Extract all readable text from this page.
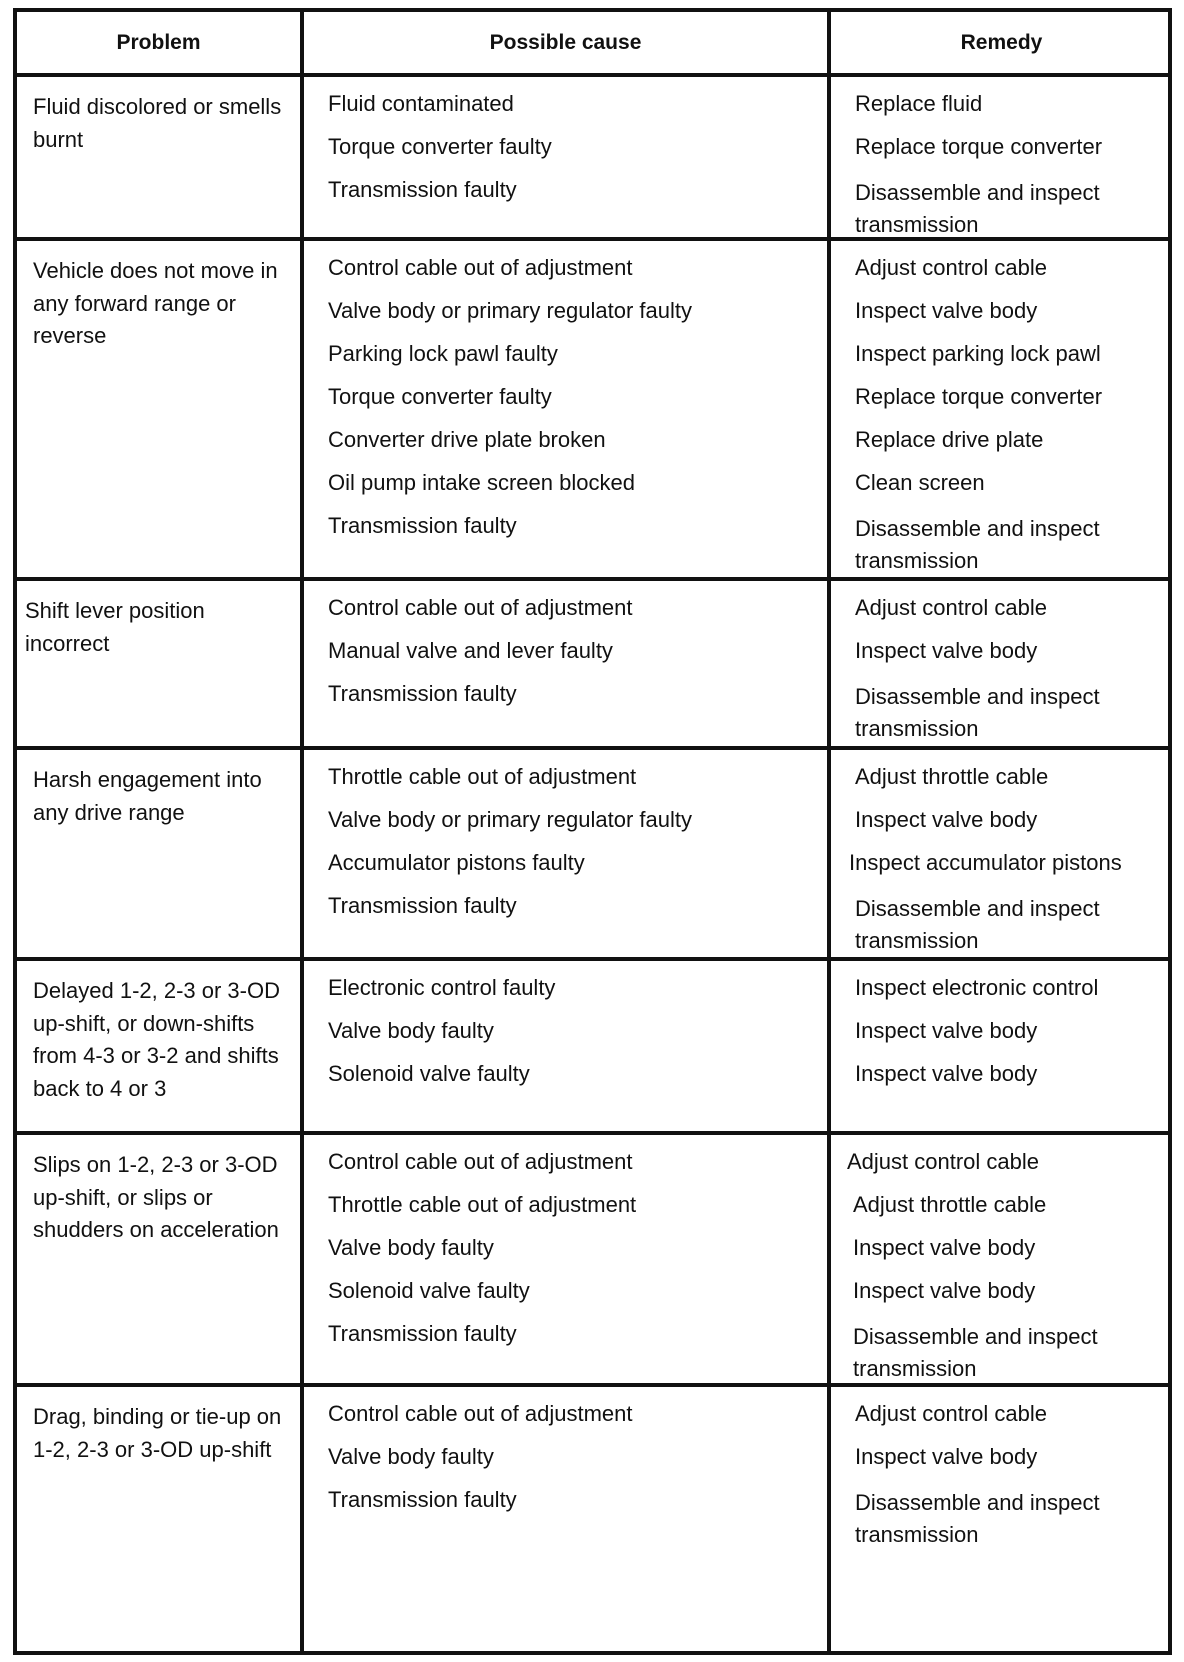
Problem	Possible cause	Remedy
Fluid discolored or smells burnt
Fluid contaminated
Torque converter faulty
Transmission faulty
Replace fluid
Replace torque converter
Disassemble and inspect transmission
Vehicle does not move in any forward range or reverse
Control cable out of adjustment
Valve body or primary regulator faulty
Parking lock pawl faulty
Torque converter faulty
Converter drive plate broken
Oil pump intake screen blocked
Transmission faulty
Adjust control cable
Inspect valve body
Inspect parking lock pawl
Replace torque converter
Replace drive plate
Clean screen
Disassemble and inspect transmission
Shift lever position incorrect
Control cable out of adjustment
Manual valve and lever faulty
Transmission faulty
Adjust control cable
Inspect valve body
Disassemble and inspect transmission
Harsh engagement into any drive range
Throttle cable out of adjustment
Valve body or primary regulator faulty
Accumulator pistons faulty
Transmission faulty
Adjust throttle cable
Inspect valve body
Inspect accumulator pistons
Disassemble and inspect transmission
Delayed 1-2, 2-3 or 3-OD up-shift, or down-shifts from 4-3 or 3-2 and shifts back to 4 or 3
Electronic control faulty
Valve body faulty
Solenoid valve faulty
Inspect electronic control
Inspect valve body
Inspect valve body
Slips on 1-2, 2-3 or 3-OD up-shift, or slips or shudders on acceleration
Control cable out of adjustment
Throttle cable out of adjustment
Valve body faulty
Solenoid valve faulty
Transmission faulty
Adjust control cable
Adjust throttle cable
Inspect valve body
Inspect valve body
Disassemble and inspect transmission
Drag, binding or tie-up on 1-2, 2-3 or 3-OD up-shift
Control cable out of adjustment
Valve body faulty
Transmission faulty
Adjust control cable
Inspect valve body
Disassemble and inspect transmission
